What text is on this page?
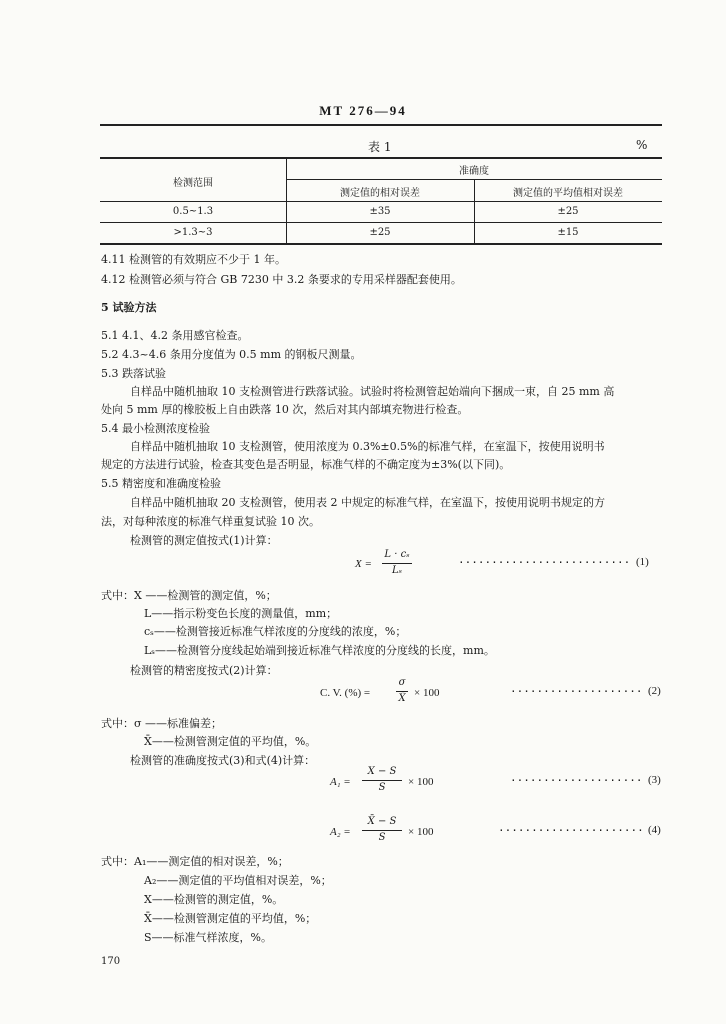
MT 276—94
表 1	%
检测范围
准确度
测定值的相对误差	测定值的平均值相对误差
0.5~1.3	±35	±25
>1.3~3	±25	±15
4.11 检测管的有效期应不少于 1 年。
4.12 检测管必须与符合 GB 7230 中 3.2 条要求的专用采样器配套使用。
5 试验方法
5.1 4.1、4.2 条用感官检查。
5.2 4.3~4.6 条用分度值为 0.5 mm 的钢板尺测量。
5.3 跌落试验
自样品中随机抽取 10 支检测管进行跌落试验。试验时将检测管起始端向下捆成一束，自 25 mm 高
处向 5 mm 厚的橡胶板上自由跌落 10 次，然后对其内部填充物进行检查。
5.4 最小检测浓度检验
自样品中随机抽取 10 支检测管，使用浓度为 0.3%±0.5%的标准气样，在室温下，按使用说明书
规定的方法进行试验，检查其变色是否明显，标准气样的不确定度为±3%(以下同)。
5.5 精密度和准确度检验
自样品中随机抽取 20 支检测管，使用表 2 中规定的标准气样，在室温下，按使用说明书规定的方
法，对每种浓度的标准气样重复试验 10 次。
检测管的测定值按式(1)计算：
X =
L · cₛ
Lₛ
·························· (1)
式中：X ——检测管的测定值，%；
L——指示粉变色长度的测量值，mm；
cₛ——检测管接近标准气样浓度的分度线的浓度，%；
Lₛ——检测管分度线起始端到接近标准气样浓度的分度线的长度，mm。
检测管的精密度按式(2)计算：
C. V. (%) =
σ
X̄ × 100	···················· (2)
式中：σ ——标准偏差；
X̄——检测管测定值的平均值，%。
检测管的准确度按式(3)和式(4)计算：
A₁ =
X − S
S	× 100	···················· (3)
A₂ =
X̄ − S
S	× 100	······················ (4)
式中：A₁——测定值的相对误差，%；
A₂——测定值的平均值相对误差，%；
X——检测管的测定值，%。
X̄——检测管测定值的平均值，%；
S——标准气样浓度，%。
170
